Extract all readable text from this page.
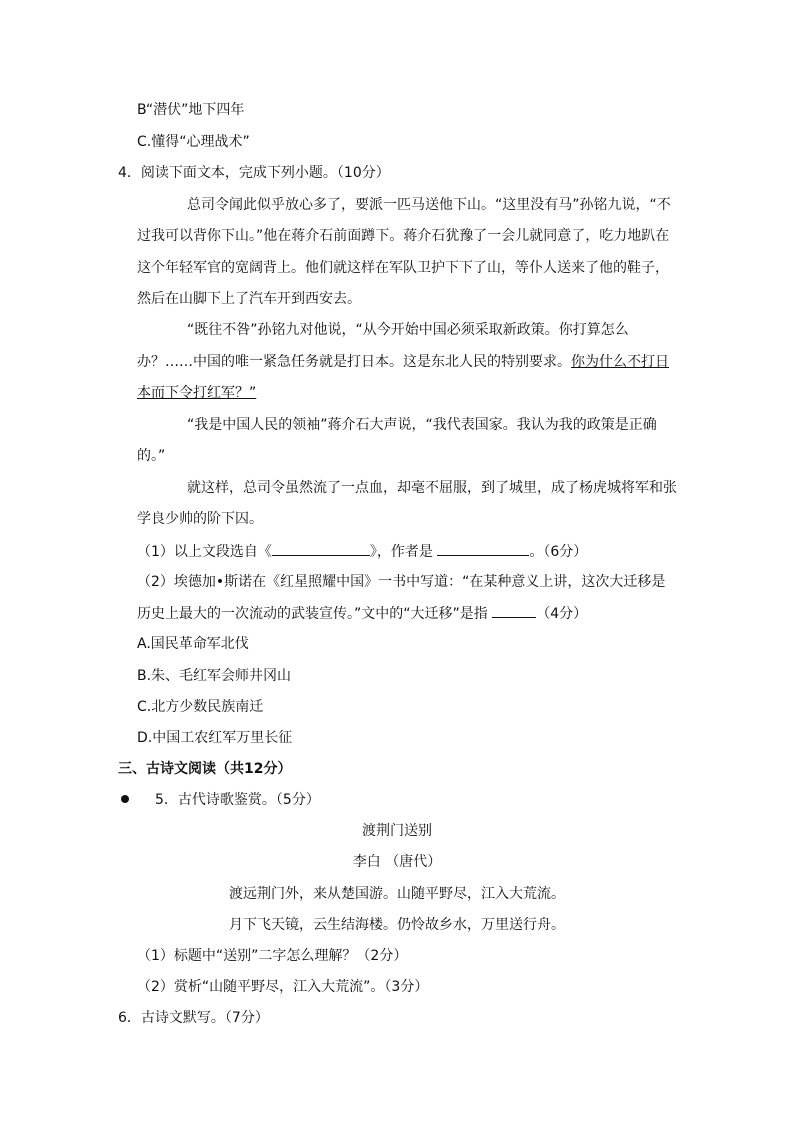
B“潜伏”地下四年
C.懂得“心理战术”
4．阅读下面文本，完成下列小题。（10分）
总司令闻此似乎放心多了，要派一匹马送他下山。“这里没有马”孙铭九说，“不
过我可以背你下山。”他在蒋介石前面蹲下。蒋介石犹豫了一会儿就同意了，吃力地趴在
这个年轻军官的宽阔背上。他们就这样在军队卫护下下了山，等仆人送来了他的鞋子，
然后在山脚下上了汽车开到西安去。
“既往不咎”孙铭九对他说，“从今开始中国必须采取新政策。你打算怎么
办？……中国的唯一紧急任务就是打日本。这是东北人民的特别要求。你为什么不打日
本而下令打红军？”
“我是中国人民的领袖”蒋介石大声说，“我代表国家。我认为我的政策是正确
的。”
就这样，总司令虽然流了一点血，却毫不屈服，到了城里，成了杨虎城将军和张
学良少帅的阶下囚。
（1）以上文段选自《	》，作者是	。（6分）
（2）埃德加•斯诺在《红星照耀中国》一书中写道：“在某种意义上讲，这次大迁移是
历史上最大的一次流动的武装宣传。”文中的“大迁移”是指	（4分）
A.国民革命军北伐
B.朱、毛红军会师井冈山
C.北方少数民族南迁
D.中国工农红军万里长征
三、古诗文阅读（共12分）
5．古代诗歌鉴赏。（5分）
渡荆门送别
李白 （唐代）
渡远荆门外，来从楚国游。山随平野尽，江入大荒流。
月下飞天镜，云生结海楼。仍怜故乡水，万里送行舟。
（1）标题中“送别”二字怎么理解？（2分）
（2）赏析“山随平野尽，江入大荒流”。（3分）
6．古诗文默写。（7分）
